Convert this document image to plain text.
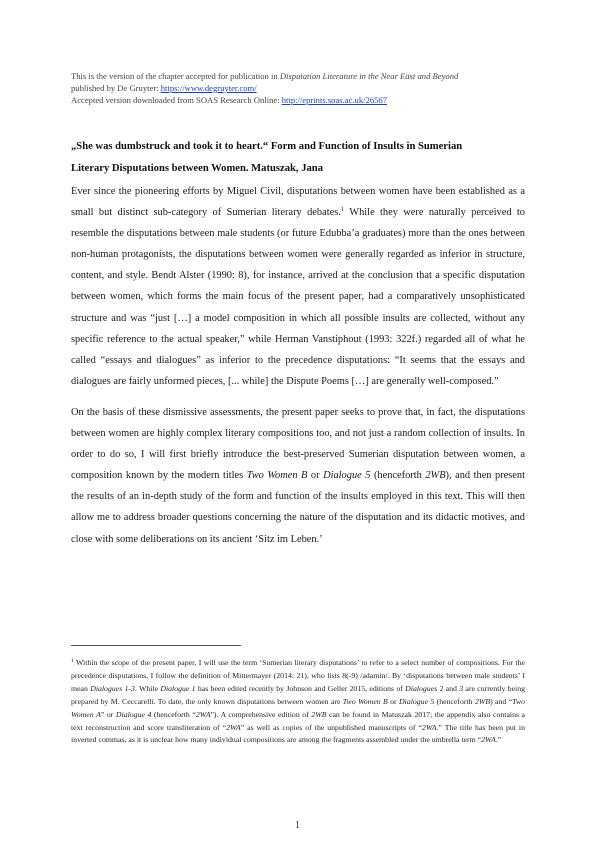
This is the version of the chapter accepted for publication in Disputation Literature in the Near East and Beyond
published by De Gruyter: https://www.degruyter.com/
Accepted version downloaded from SOAS Research Online: http://eprints.soas.ac.uk/26567
„She was dumbstruck and took it to heart.“ Form and Function of Insults in Sumerian
Literary Disputations between Women. Matuszak, Jana

Ever since the pioneering efforts by Miguel Civil, disputations between women have been established as a small but distinct sub-category of Sumerian literary debates.$^1$ While they were naturally perceived to resemble the disputations between male students (or future Edubba’a graduates) more than the ones between non-human protagonists, the disputations between women were generally regarded as inferior in structure, content, and style. Bendt Alster (1990: 8), for instance, arrived at the conclusion that a specific disputation between women, which forms the main focus of the present paper, had a comparatively unsophisticated structure and was “just […] a model composition in which all possible insults are collected, without any specific reference to the actual speaker,” while Herman Vanstiphout (1993: 322f.) regarded all of what he called “essays and dialogues” as inferior to the precedence disputations: “It seems that the essays and dialogues are fairly unformed pieces, [... while] the Dispute Poems […] are generally well-composed.”

On the basis of these dismissive assessments, the present paper seeks to prove that, in fact, the disputations between women are highly complex literary compositions too, and not just a random collection of insults. In order to do so, I will first briefly introduce the best-preserved Sumerian disputation between women, a composition known by the modern titles Two Women B or Dialogue 5 (henceforth 2WB), and then present the results of an in-depth study of the form and function of the insults employed in this text. This will then allow me to address broader questions concerning the nature of the disputation and its didactic motives, and close with some deliberations on its ancient ‘Sitz im Leben.’

$^1$ Within the scope of the present paper, I will use the term ‘Sumerian literary disputations’ to refer to a select number of compositions. For the precedence disputations, I follow the definition of Mittermayer (2014: 21), who lists 8(-9) /adamin/. By ‘disputations between male students’ I mean Dialogues 1-3. While Dialogue 1 has been edited recently by Johnson and Geller 2015, editions of Dialogues 2 and 3 are currently being prepared by M. Ceccarelli. To date, the only known disputations between women are Two Women B or Dialogue 5 (henceforth 2WB) and “Two Women A” or Dialogue 4 (henceforth “2WA”). A comprehensive edition of 2WB can be found in Matuszak 2017; the appendix also contains a text reconstruction and score transliteration of “2WA” as well as copies of the unpublished manuscripts of “2WA.” The title has been put in inverted commas, as it is unclear how many individual compositions are among the fragments assembled under the umbrella term “2WA.”
1
